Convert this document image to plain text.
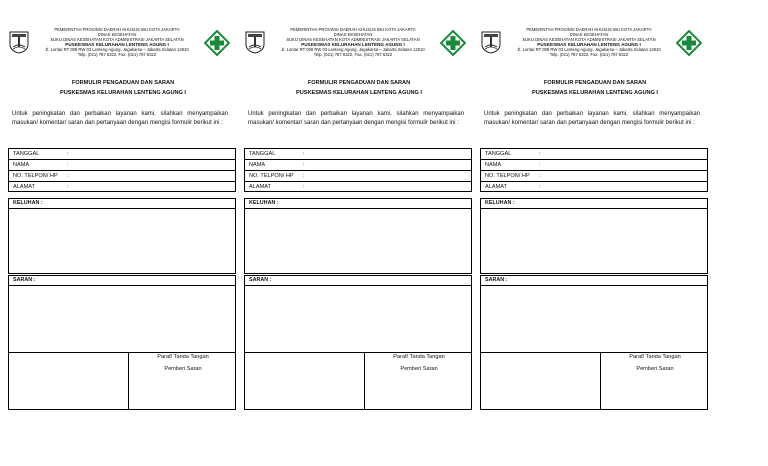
PEMERINTAH PROVINSI DAERAH KHUSUS IBU KOTA JAKARTA
DINAS KESEHATAN
SUKU DINAS KESEHATAN KOTA ADMINISTRASI JAKARTA SELATAN
PUSKESMAS KELURAHAN LENTENG AGUNG I
Jl. Lontar RT 008 RW 03 Lenteng Agung, Jagakarsa – Jakarta Selatan 12610
Telp. (021) 787 6322, Fax. (021) 787 6322
FORMULIR PENGADUAN DAN SARAN
PUSKESMAS KELURAHAN LENTENG AGUNG I
Untuk peningkatan dan perbaikan layanan kami, silahkan menyampaikan masukan/ komentar/ saran dan pertanyaan dengan mengisi formulir berikut ini :
TANGGAL	:
NAMA	:
NO. TELPON/ HP :
ALAMAT	:
KELUHAN :
SARAN :
Paraf/ Tanda Tangan
Pemberi Saran
PEMERINTAH PROVINSI DAERAH KHUSUS IBU KOTA JAKARTA
DINAS KESEHATAN
SUKU DINAS KESEHATAN KOTA ADMINISTRASI JAKARTA SELATAN
PUSKESMAS KELURAHAN LENTENG AGUNG I
Jl. Lontar RT 008 RW 03 Lenteng Agung, Jagakarsa – Jakarta Selatan 12610
Telp. (021) 787 6322, Fax. (021) 787 6322
FORMULIR PENGADUAN DAN SARAN
PUSKESMAS KELURAHAN LENTENG AGUNG I
Untuk peningkatan dan perbaikan layanan kami, silahkan menyampaikan masukan/ komentar/ saran dan pertanyaan dengan mengisi formulir berikut ini :
TANGGAL	:
NAMA	:
NO. TELPON/ HP :
ALAMAT	:
KELUHAN :
SARAN :
Paraf/ Tanda Tangan
Pemberi Saran
PEMERINTAH PROVINSI DAERAH KHUSUS IBU KOTA JAKARTA
DINAS KESEHATAN
SUKU DINAS KESEHATAN KOTA ADMINISTRASI JAKARTA SELATAN
PUSKESMAS KELURAHAN LENTENG AGUNG I
Jl. Lontar RT 008 RW 03 Lenteng Agung, Jagakarsa – Jakarta Selatan 12610
Telp. (021) 787 6322, Fax. (021) 787 6322
FORMULIR PENGADUAN DAN SARAN
PUSKESMAS KELURAHAN LENTENG AGUNG I
Untuk peningkatan dan perbaikan layanan kami, silahkan menyampaikan masukan/ komentar/ saran dan pertanyaan dengan mengisi formulir berikut ini :
TANGGAL	:
NAMA	:
NO. TELPON/ HP :
ALAMAT	:
KELUHAN :
SARAN :
Paraf/ Tanda Tangan
Pemberi Saran
